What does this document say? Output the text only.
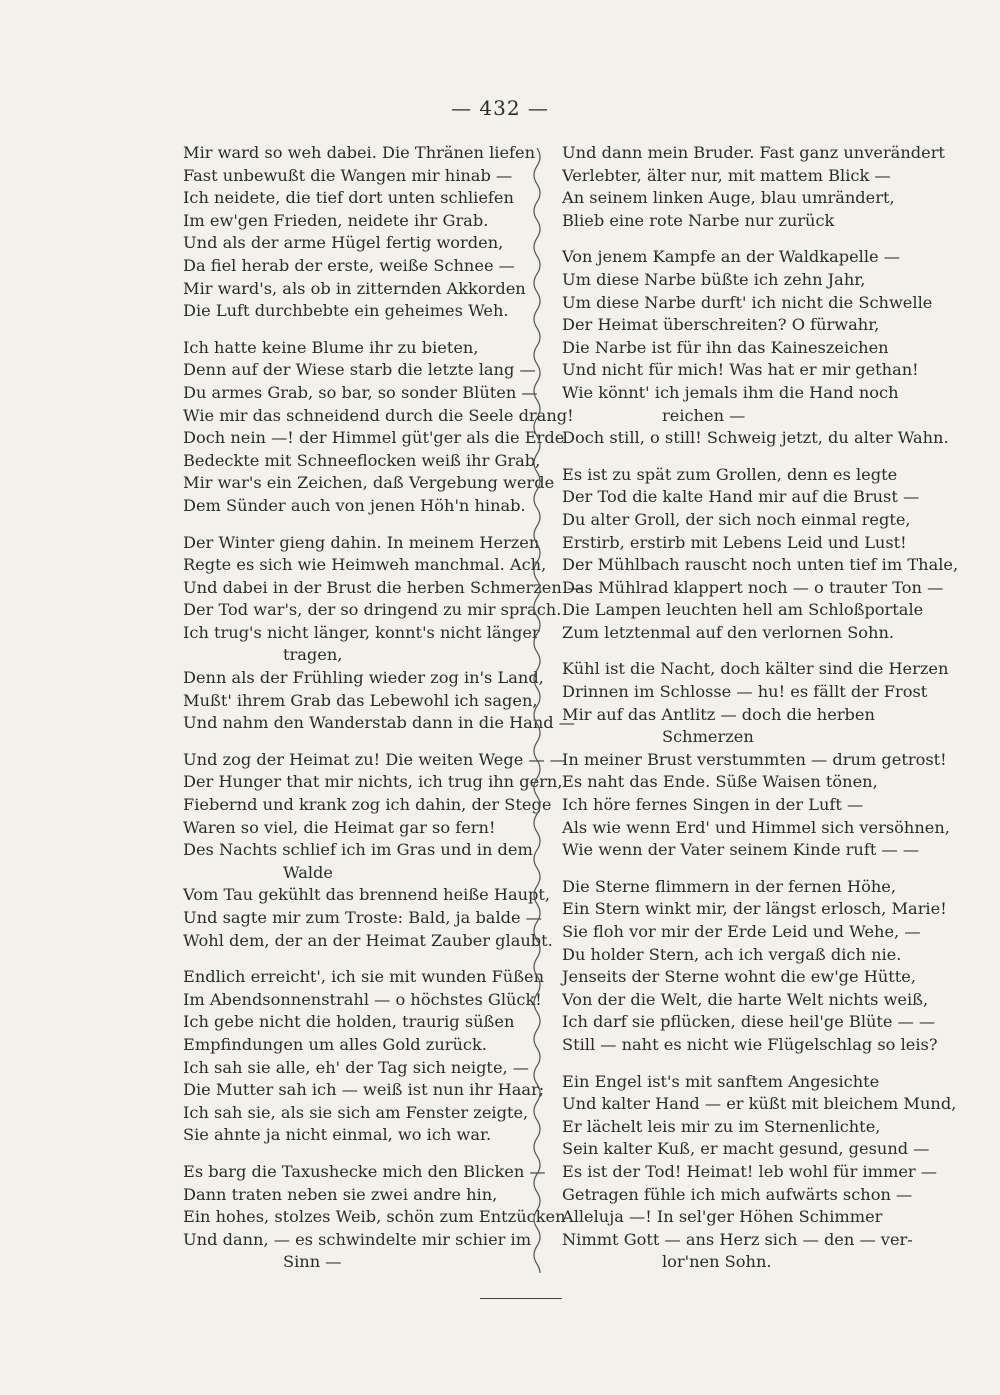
— 432 —
Mir ward so weh dabei. Die Thränen liefen
Fast unbewußt die Wangen mir hinab —
Ich neidete, die tief dort unten schliefen
Im ew'gen Frieden, neidete ihr Grab.
Und als der arme Hügel fertig worden,
Da fiel herab der erste, weiße Schnee —
Mir ward's, als ob in zitternden Akkorden
Die Luft durchbebte ein geheimes Weh.
Ich hatte keine Blume ihr zu bieten,
Denn auf der Wiese starb die letzte lang —
Du armes Grab, so bar, so sonder Blüten —
Wie mir das schneidend durch die Seele drang!
Doch nein —! der Himmel güt'ger als die Erde
Bedeckte mit Schneeflocken weiß ihr Grab,
Mir war's ein Zeichen, daß Vergebung werde
Dem Sünder auch von jenen Höh'n hinab.
Der Winter gieng dahin. In meinem Herzen
Regte es sich wie Heimweh manchmal. Ach,
Und dabei in der Brust die herben Schmerzen —
Der Tod war's, der so dringend zu mir sprach.
Ich trug's nicht länger, konnt's nicht länger
tragen,
Denn als der Frühling wieder zog in's Land,
Mußt' ihrem Grab das Lebewohl ich sagen,
Und nahm den Wanderstab dann in die Hand —
Und zog der Heimat zu! Die weiten Wege — —
Der Hunger that mir nichts, ich trug ihn gern,
Fiebernd und krank zog ich dahin, der Stege
Waren so viel, die Heimat gar so fern!
Des Nachts schlief ich im Gras und in dem
Walde
Vom Tau gekühlt das brennend heiße Haupt,
Und sagte mir zum Troste: Bald, ja balde —
Wohl dem, der an der Heimat Zauber glaubt.
Endlich erreicht', ich sie mit wunden Füßen
Im Abendsonnenstrahl — o höchstes Glück!
Ich gebe nicht die holden, traurig süßen
Empfindungen um alles Gold zurück.
Ich sah sie alle, eh' der Tag sich neigte, —
Die Mutter sah ich — weiß ist nun ihr Haar;
Ich sah sie, als sie sich am Fenster zeigte,
Sie ahnte ja nicht einmal, wo ich war.
Es barg die Taxushecke mich den Blicken —
Dann traten neben sie zwei andre hin,
Ein hohes, stolzes Weib, schön zum Entzücken
Und dann, — es schwindelte mir schier im
Sinn —
Und dann mein Bruder. Fast ganz unverändert
Verlebter, älter nur, mit mattem Blick —
An seinem linken Auge, blau umrändert,
Blieb eine rote Narbe nur zurück
Von jenem Kampfe an der Waldkapelle —
Um diese Narbe büßte ich zehn Jahr,
Um diese Narbe durft' ich nicht die Schwelle
Der Heimat überschreiten? O fürwahr,
Die Narbe ist für ihn das Kaineszeichen
Und nicht für mich! Was hat er mir gethan!
Wie könnt' ich jemals ihm die Hand noch
reichen —
Doch still, o still! Schweig jetzt, du alter Wahn.
Es ist zu spät zum Grollen, denn es legte
Der Tod die kalte Hand mir auf die Brust —
Du alter Groll, der sich noch einmal regte,
Erstirb, erstirb mit Lebens Leid und Lust!
Der Mühlbach rauscht noch unten tief im Thale,
Das Mühlrad klappert noch — o trauter Ton —
Die Lampen leuchten hell am Schloßportale
Zum letztenmal auf den verlornen Sohn.
Kühl ist die Nacht, doch kälter sind die Herzen
Drinnen im Schlosse — hu! es fällt der Frost
Mir auf das Antlitz — doch die herben
Schmerzen
In meiner Brust verstummten — drum getrost!
Es naht das Ende. Süße Waisen tönen,
Ich höre fernes Singen in der Luft —
Als wie wenn Erd' und Himmel sich versöhnen,
Wie wenn der Vater seinem Kinde ruft — —
Die Sterne flimmern in der fernen Höhe,
Ein Stern winkt mir, der längst erlosch, Marie!
Sie floh vor mir der Erde Leid und Wehe, —
Du holder Stern, ach ich vergaß dich nie.
Jenseits der Sterne wohnt die ew'ge Hütte,
Von der die Welt, die harte Welt nichts weiß,
Ich darf sie pflücken, diese heil'ge Blüte — —
Still — naht es nicht wie Flügelschlag so leis?
Ein Engel ist's mit sanftem Angesichte
Und kalter Hand — er küßt mit bleichem Mund,
Er lächelt leis mir zu im Sternenlichte,
Sein kalter Kuß, er macht gesund, gesund —
Es ist der Tod! Heimat! leb wohl für immer —
Getragen fühle ich mich aufwärts schon —
Alleluja —! In sel'ger Höhen Schimmer
Nimmt Gott — ans Herz sich — den — ver-
lor'nen Sohn.
